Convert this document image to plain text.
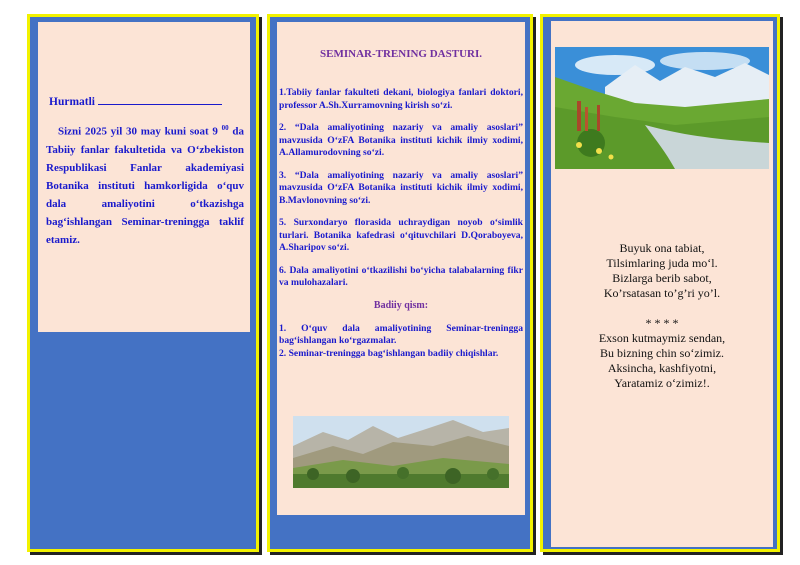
Hurmatli

Sizni 2025 yil 30 may kuni soat 9 $^{00}$ da Tabiiy fanlar fakultetida va O‘zbekiston Respublikasi Fanlar akademiyasi Botanika instituti hamkorligida o‘quv dala amaliyotini o‘tkazishga bag‘ishlangan Seminar-treningga taklif etamiz.

SEMINAR-TRENING DASTURI.

1.Tabiiy fanlar fakulteti dekani, biologiya fanlari doktori, professor A.Sh.Xurramovning kirish so‘zi.

2. “Dala amaliyotining nazariy va amaliy asoslari” mavzusida O‘zFA Botanika instituti kichik ilmiy xodimi, A.Allamurodovning so‘zi.

3. “Dala amaliyotining nazariy va amaliy asoslari” mavzusida O‘zFA Botanika instituti kichik ilmiy xodimi, B.Mavlonovning so‘zi.

5. Surxondaryo florasida uchraydigan noyob o‘simlik turlari. Botanika kafedrasi o‘qituvchilari D.Qoraboyeva, A.Sharipov so‘zi.

6. Dala amaliyotini o‘tkazilishi bo‘yicha talabalarning fikr va mulohazalari.

Badiiy qism:

1. O‘quv dala amaliyotining Seminar-treningga bag‘ishlangan ko‘rgazmalar.

2. Seminar-treningga bag‘ishlangan badiiy chiqishlar.

Buyuk ona tabiat,
Tilsimlaring juda mo‘l.
Bizlarga berib sabot,
Ko’rsatasan to’g’ri yo’l.
* * * *
Exson kutmaymiz sendan,
Bu bizning chin so‘zimiz.
Aksincha, kashfiyotni,
Yaratamiz o‘zimiz!.
